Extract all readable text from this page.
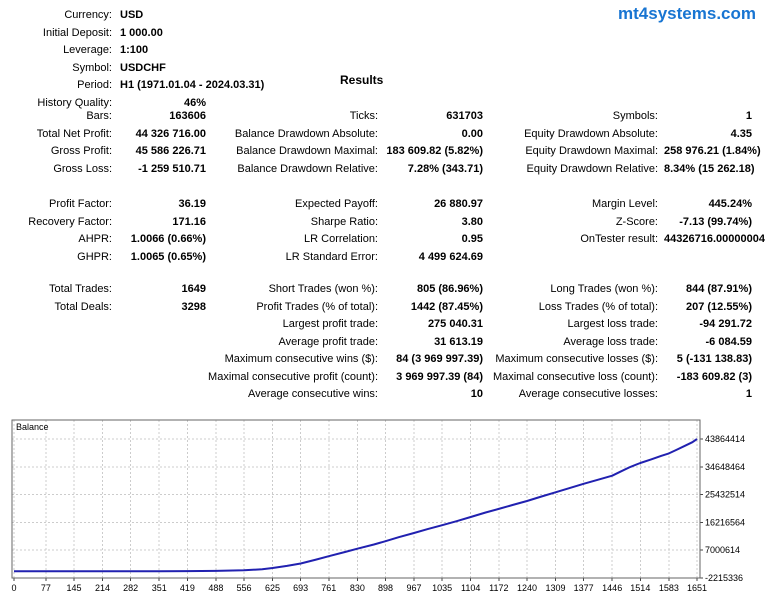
mt4systems.com
Currency: USD
Initial Deposit: 1 000.00
Leverage: 1:100
Symbol: USDCHF
Period: H1 (1971.01.04 - 2024.03.31)
History Quality:	46%
Results
Bars:	163606	Ticks:	631703	Symbols:	1
Total Net Profit:	44 326 716.00	Balance Drawdown Absolute:	0.00	Equity Drawdown Absolute:	4.35
Gross Profit:	45 586 226.71	Balance Drawdown Maximal: 183 609.82 (5.82%)	Equity Drawdown Maximal: 258 976.21 (1.84%)
Gross Loss:	-1 259 510.71	Balance Drawdown Relative:	7.28% (343.71)	Equity Drawdown Relative: 8.34% (15 262.18)
Profit Factor:	36.19	Expected Payoff:	26 880.97	Margin Level:	445.24%
Recovery Factor:	171.16	Sharpe Ratio:	3.80	Z-Score:	-7.13 (99.74%)
AHPR:	1.0066 (0.66%)	LR Correlation:	0.95	OnTester result: 44326716.00000004
GHPR:	1.0065 (0.65%)	LR Standard Error:	4 499 624.69
Total Trades:	1649	Short Trades (won %):	805 (86.96%)	Long Trades (won %):	844 (87.91%)
Total Deals:	3298	Profit Trades (% of total):	1442 (87.45%)	Loss Trades (% of total):	207 (12.55%)
Largest profit trade:	275 040.31	Largest loss trade:	-94 291.72
Average profit trade:	31 613.19	Average loss trade:	-6 084.59
Maximum consecutive wins ($):	84 (3 969 997.39)	Maximum consecutive losses ($):	5 (-131 138.83)
Maximal consecutive profit (count):	3 969 997.39 (84) Maximal consecutive loss (count):	-183 609.82 (3)
Average consecutive wins:	10	Average consecutive losses:	1
0	77 145 214 282 351 419 488 556 625 693 761 830 898 967 1035 1104 1172 1240 1309 1377 1446 1514 1583 1651
-2215336
7000614
16216564
25432514
34648464
43864414
Balance
